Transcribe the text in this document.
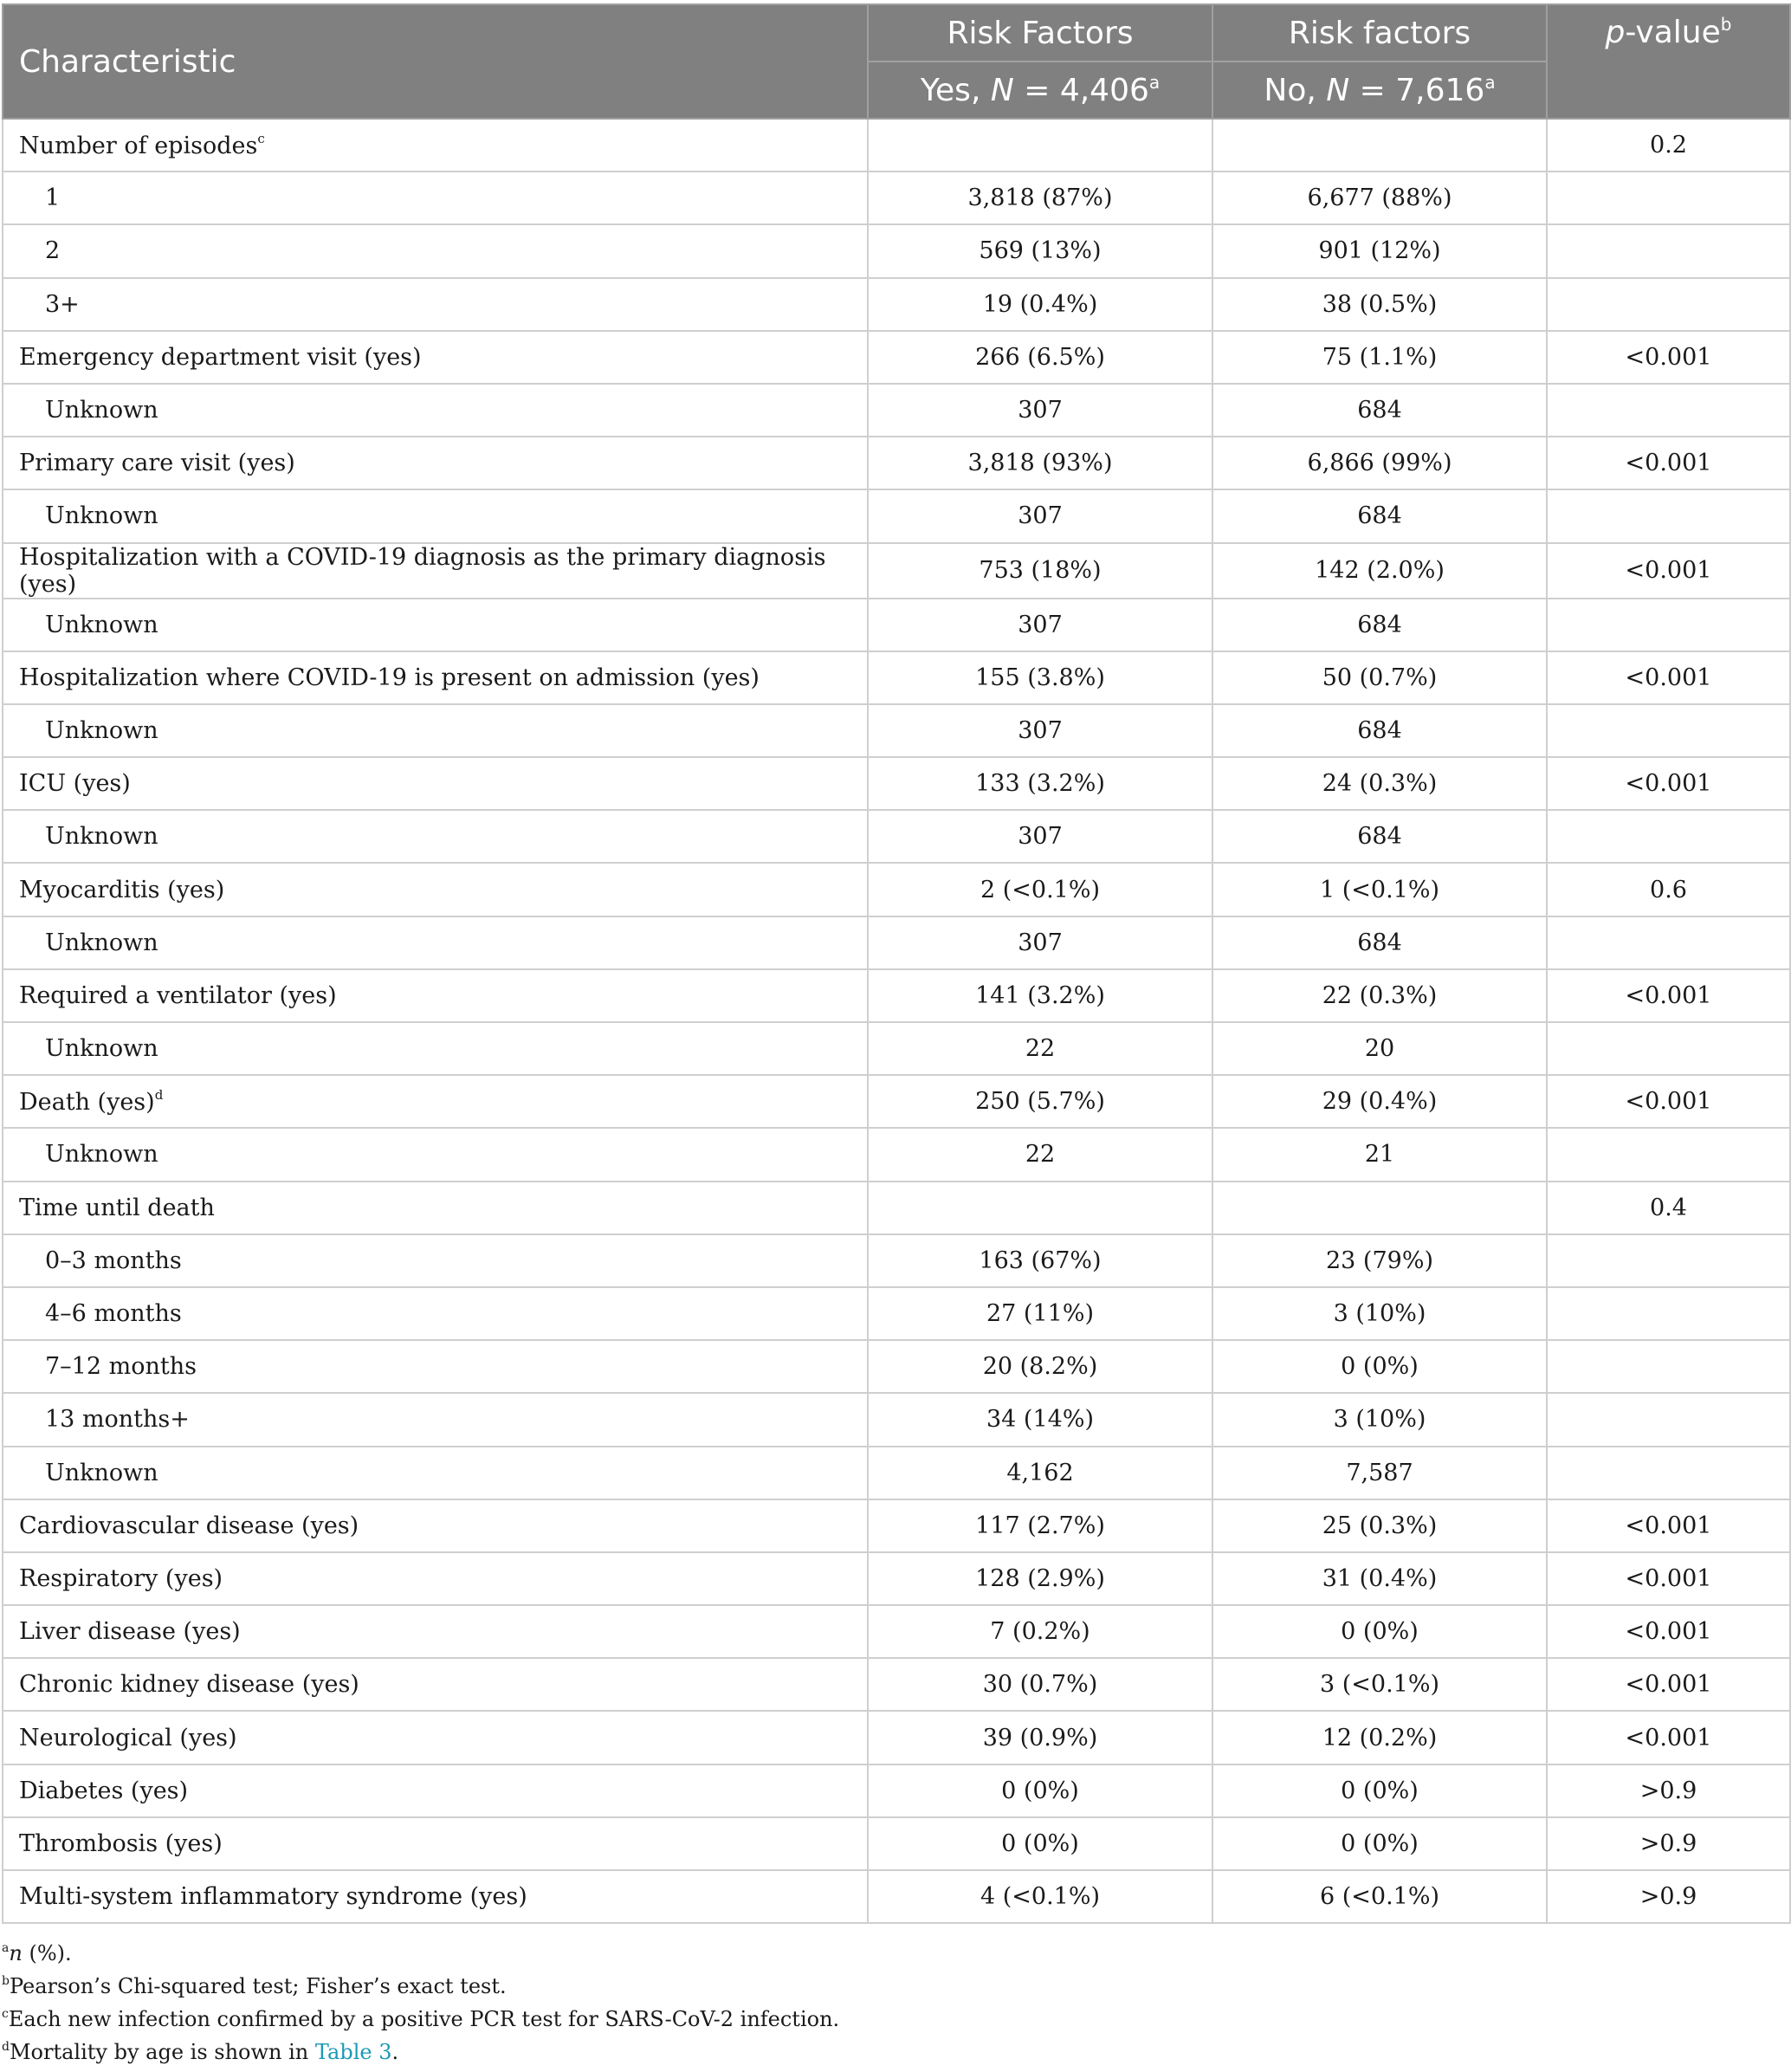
Characteristic	Risk Factors	Risk factors	p-value$^b$
	Yes, N = 4,406$^a$	No, N = 7,616$^a$
Number of episodes$^c$			0.2
1	3,818 (87%)	6,677 (88%)	
2	569 (13%)	901 (12%)	
3+	19 (0.4%)	38 (0.5%)	
Emergency department visit (yes)	266 (6.5%)	75 (1.1%)	<0.001
Unknown	307	684	
Primary care visit (yes)	3,818 (93%)	6,866 (99%)	<0.001
Unknown	307	684	
Hospitalization with a COVID-19 diagnosis as the primary diagnosis (yes)	753 (18%)	142 (2.0%)	<0.001
Unknown	307	684	
Hospitalization where COVID-19 is present on admission (yes)	155 (3.8%)	50 (0.7%)	<0.001
Unknown	307	684	
ICU (yes)	133 (3.2%)	24 (0.3%)	<0.001
Unknown	307	684	
Myocarditis (yes)	2 (<0.1%)	1 (<0.1%)	0.6
Unknown	307	684	
Required a ventilator (yes)	141 (3.2%)	22 (0.3%)	<0.001
Unknown	22	20	
Death (yes)$^d$	250 (5.7%)	29 (0.4%)	<0.001
Unknown	22	21	
Time until death			0.4
0–3 months	163 (67%)	23 (79%)	
4–6 months	27 (11%)	3 (10%)	
7–12 months	20 (8.2%)	0 (0%)	
13 months+	34 (14%)	3 (10%)	
Unknown	4,162	7,587	
Cardiovascular disease (yes)	117 (2.7%)	25 (0.3%)	<0.001
Respiratory (yes)	128 (2.9%)	31 (0.4%)	<0.001
Liver disease (yes)	7 (0.2%)	0 (0%)	<0.001
Chronic kidney disease (yes)	30 (0.7%)	3 (<0.1%)	<0.001
Neurological (yes)	39 (0.9%)	12 (0.2%)	<0.001
Diabetes (yes)	0 (0%)	0 (0%)	>0.9
Thrombosis (yes)	0 (0%)	0 (0%)	>0.9
Multi-system inflammatory syndrome (yes)	4 (<0.1%)	6 (<0.1%)	>0.9
$^a$n (%).
$^b$Pearson’s Chi-squared test; Fisher’s exact test.
$^c$Each new infection confirmed by a positive PCR test for SARS-CoV-2 infection.
$^d$Mortality by age is shown in Table 3.
